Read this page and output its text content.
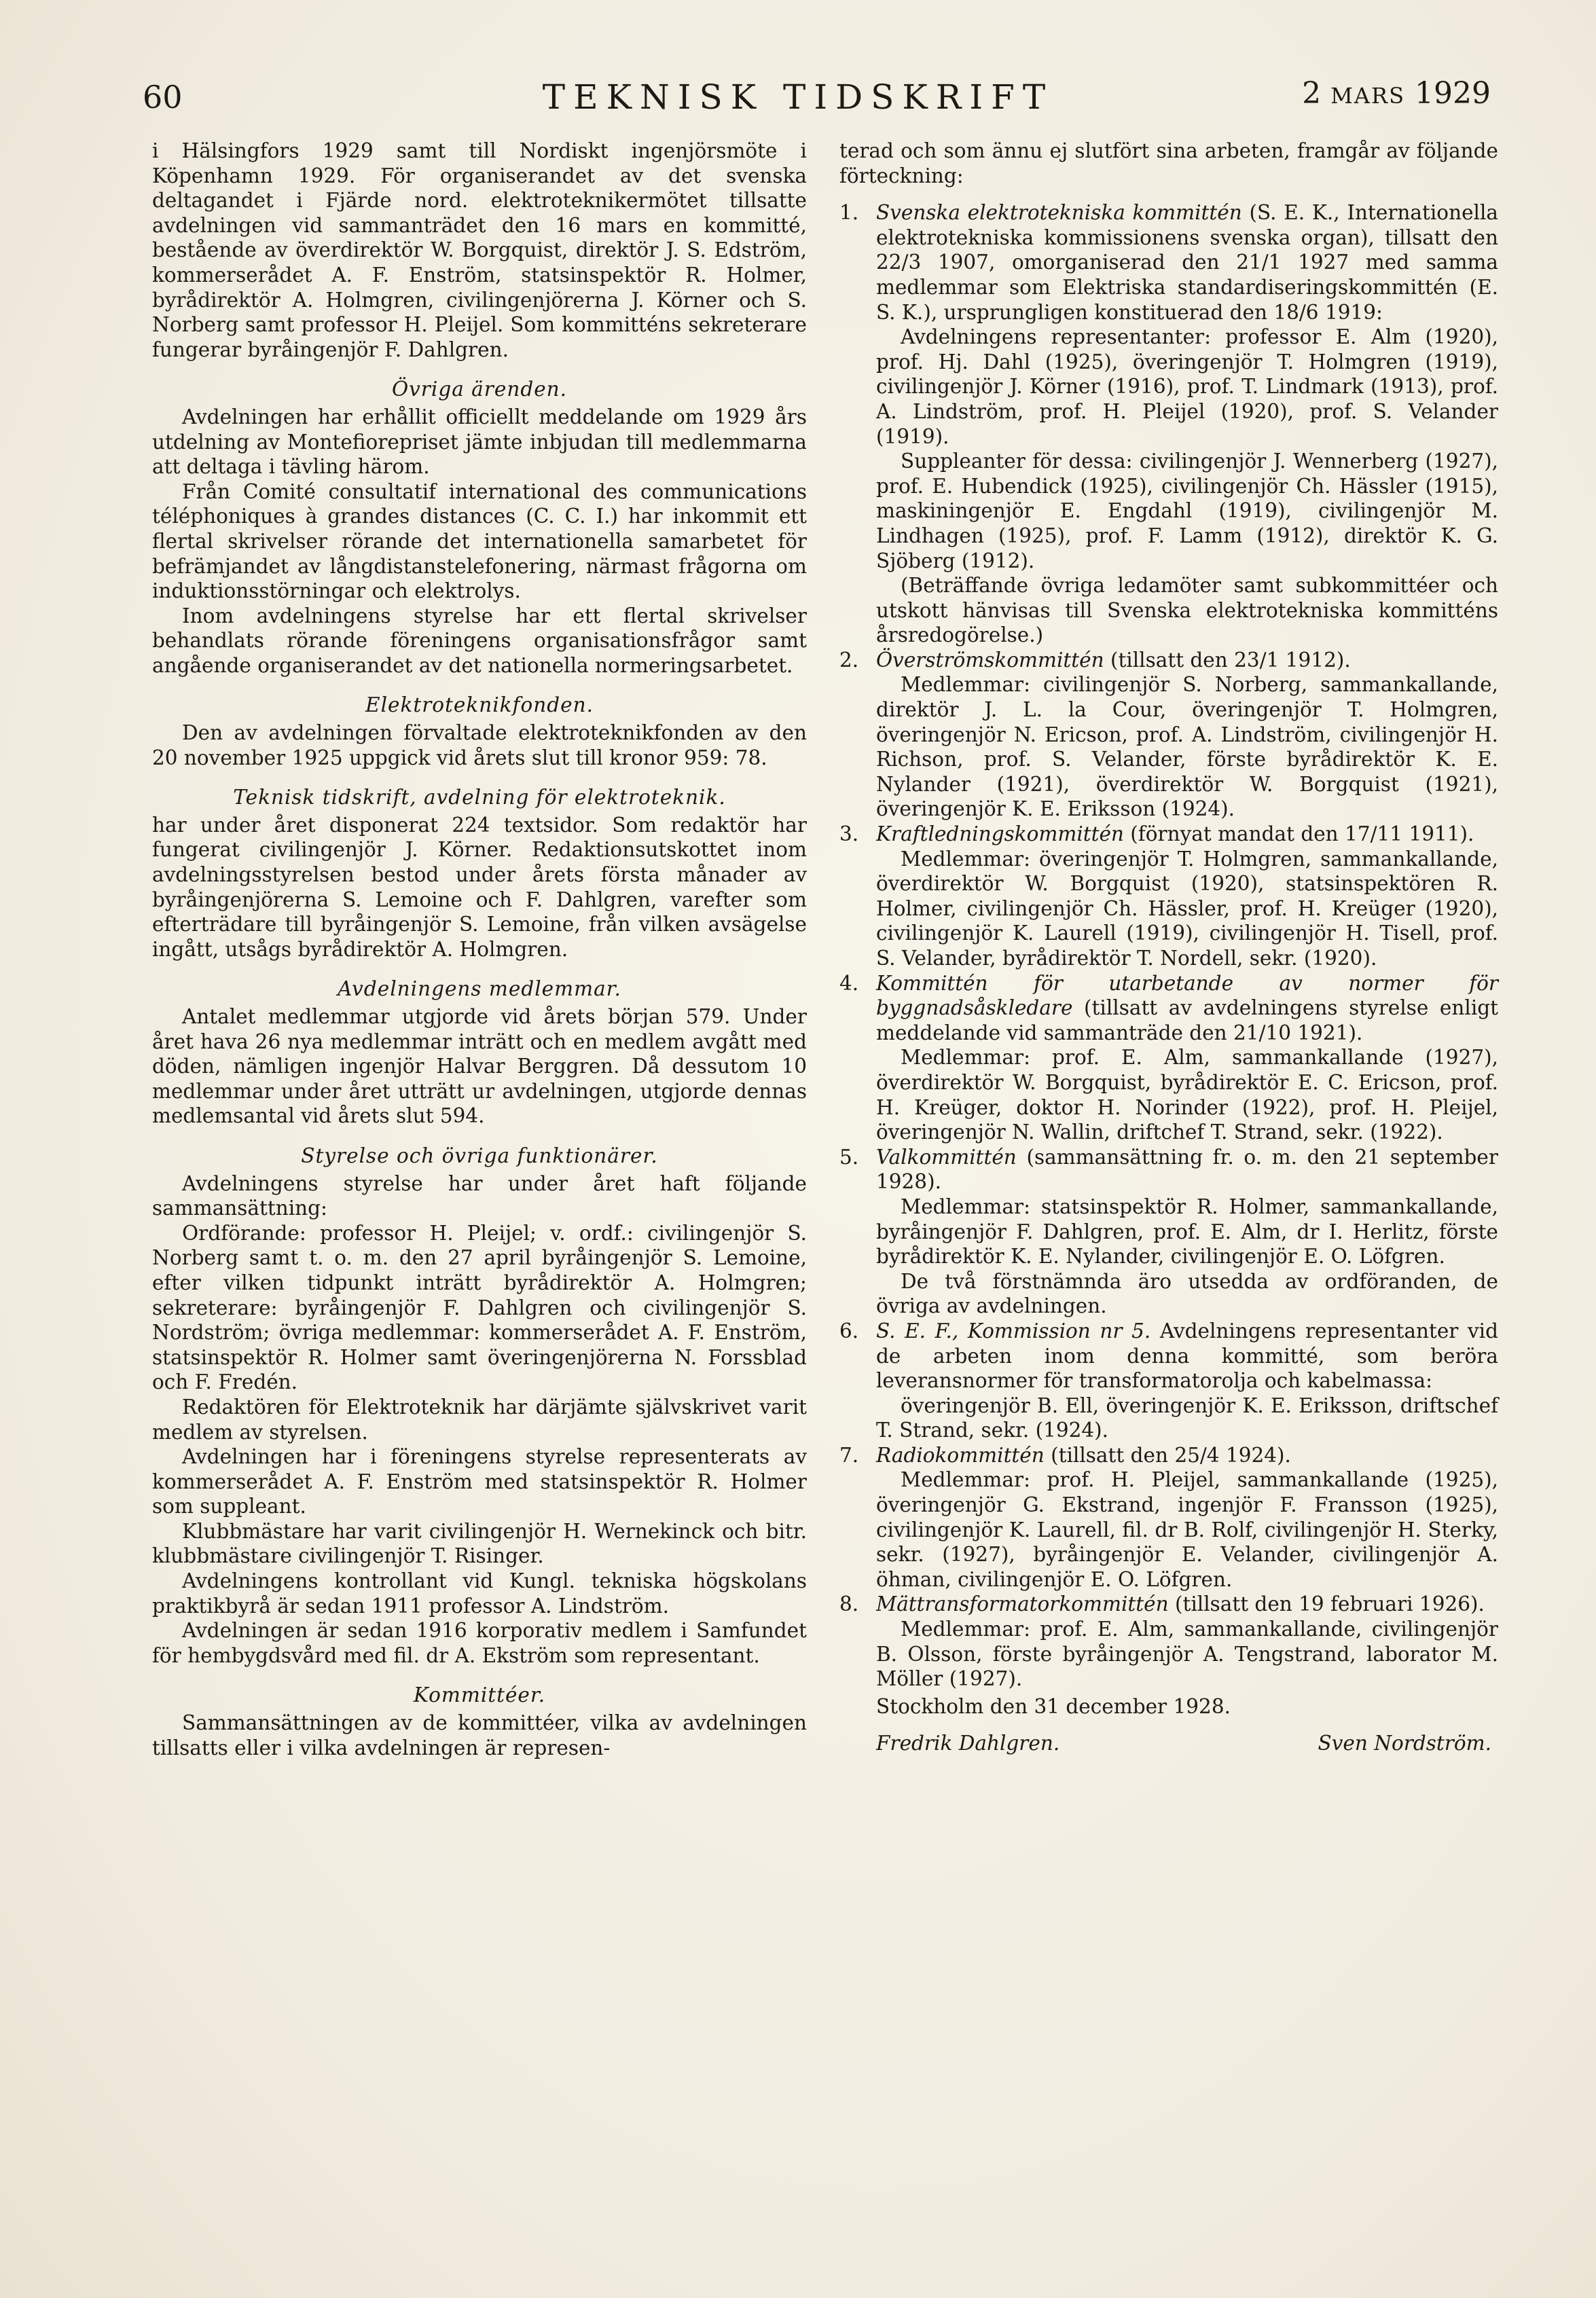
60	TEKNISK TIDSKRIFT	2 MARS 1929

i Hälsingfors 1929 samt till Nordiskt ingenjörsmöte i Köpenhamn 1929. För organiserandet av det svenska deltagandet i Fjärde nord. elektroteknikermötet tillsatte avdelningen vid sammanträdet den 16 mars en kommitté, bestående av överdirektör W. Borgquist, direktör J. S. Edström, kommerserådet A. F. Enström, statsinspektör R. Holmer, byrådirektör A. Holmgren, civilingenjörerna J. Körner och S. Norberg samt professor H. Pleijel. Som kommitténs sekreterare fungerar byråingenjör F. Dahlgren.

Övriga ärenden.

Avdelningen har erhållit officiellt meddelande om 1929 års utdelning av Montefiorepriset jämte inbjudan till medlemmarna att deltaga i tävling härom.

Från Comité consultatif international des communications téléphoniques à grandes distances (C. C. I.) har inkommit ett flertal skrivelser rörande det internationella samarbetet för befrämjandet av långdistanstelefonering, närmast frågorna om induktionsstörningar och elektrolys.

Inom avdelningens styrelse har ett flertal skrivelser behandlats rörande föreningens organisationsfrågor samt angående organiserandet av det nationella normeringsarbetet.

Elektroteknikfonden.

Den av avdelningen förvaltade elektroteknikfonden av den 20 november 1925 uppgick vid årets slut till kronor 959: 78.

Teknisk tidskrift, avdelning för elektroteknik.

har under året disponerat 224 textsidor. Som redaktör har fungerat civilingenjör J. Körner. Redaktionsutskottet inom avdelningsstyrelsen bestod under årets första månader av byråingenjörerna S. Lemoine och F. Dahlgren, varefter som efterträdare till byråingenjör S. Lemoine, från vilken avsägelse ingått, utsågs byrådirektör A. Holmgren.

Avdelningens medlemmar.

Antalet medlemmar utgjorde vid årets början 579. Under året hava 26 nya medlemmar inträtt och en medlem avgått med döden, nämligen ingenjör Halvar Berggren. Då dessutom 10 medlemmar under året utträtt ur avdelningen, utgjorde dennas medlemsantal vid årets slut 594.

Styrelse och övriga funktionärer.

Avdelningens styrelse har under året haft följande sammansättning:

Ordförande: professor H. Pleijel; v. ordf.: civilingenjör S. Norberg samt t. o. m. den 27 april byråingenjör S. Lemoine, efter vilken tidpunkt inträtt byrådirektör A. Holmgren; sekreterare: byråingenjör F. Dahlgren och civilingenjör S. Nordström; övriga medlemmar: kommerserådet A. F. Enström, statsinspektör R. Holmer samt överingenjörerna N. Forssblad och F. Fredén.

Redaktören för Elektroteknik har därjämte självskrivet varit medlem av styrelsen.

Avdelningen har i föreningens styrelse representerats av kommerserådet A. F. Enström med statsinspektör R. Holmer som suppleant.

Klubbmästare har varit civilingenjör H. Wernekinck och bitr. klubbmästare civilingenjör T. Risinger.

Avdelningens kontrollant vid Kungl. tekniska högskolans praktikbyrå är sedan 1911 professor A. Lindström.

Avdelningen är sedan 1916 korporativ medlem i Samfundet för hembygdsvård med fil. dr A. Ekström som representant.

Kommittéer.

Sammansättningen av de kommittéer, vilka av avdelningen tillsatts eller i vilka avdelningen är represen-

terad och som ännu ej slutfört sina arbeten, framgår av följande förteckning:

1. Svenska elektrotekniska kommittén (S. E. K., Internationella elektrotekniska kommissionens svenska organ), tillsatt den 22/3 1907, omorganiserad den 21/1 1927 med samma medlemmar som Elektriska standardiseringskommittén (E. S. K.), ursprungligen konstituerad den 18/6 1919:

Avdelningens representanter: professor E. Alm (1920), prof. Hj. Dahl (1925), överingenjör T. Holmgren (1919), civilingenjör J. Körner (1916), prof. T. Lindmark (1913), prof. A. Lindström, prof. H. Pleijel (1920), prof. S. Velander (1919).

Suppleanter för dessa: civilingenjör J. Wennerberg (1927), prof. E. Hubendick (1925), civilingenjör Ch. Hässler (1915), maskiningenjör E. Engdahl (1919), civilingenjör M. Lindhagen (1925), prof. F. Lamm (1912), direktör K. G. Sjöberg (1912).

(Beträffande övriga ledamöter samt subkommittéer och utskott hänvisas till Svenska elektrotekniska kommitténs årsredogörelse.)

2. Överströmskommittén (tillsatt den 23/1 1912).

Medlemmar: civilingenjör S. Norberg, sammankallande, direktör J. L. la Cour, överingenjör T. Holmgren, överingenjör N. Ericson, prof. A. Lindström, civilingenjör H. Richson, prof. S. Velander, förste byrådirektör K. E. Nylander (1921), överdirektör W. Borgquist (1921), överingenjör K. E. Eriksson (1924).

3. Kraftledningskommittén (förnyat mandat den 17/11 1911).

Medlemmar: överingenjör T. Holmgren, sammankallande, överdirektör W. Borgquist (1920), statsinspektören R. Holmer, civilingenjör Ch. Hässler, prof. H. Kreüger (1920), civilingenjör K. Laurell (1919), civilingenjör H. Tisell, prof. S. Velander, byrådirektör T. Nordell, sekr. (1920).

4. Kommittén för utarbetande av normer för byggnadsåskledare (tillsatt av avdelningens styrelse enligt meddelande vid sammanträde den 21/10 1921).

Medlemmar: prof. E. Alm, sammankallande (1927), överdirektör W. Borgquist, byrådirektör E. C. Ericson, prof. H. Kreüger, doktor H. Norinder (1922), prof. H. Pleijel, överingenjör N. Wallin, driftchef T. Strand, sekr. (1922).

5. Valkommittén (sammansättning fr. o. m. den 21 september 1928).

Medlemmar: statsinspektör R. Holmer, sammankallande, byråingenjör F. Dahlgren, prof. E. Alm, dr I. Herlitz, förste byrådirektör K. E. Nylander, civilingenjör E. O. Löfgren.

De två förstnämnda äro utsedda av ordföranden, de övriga av avdelningen.

6. S. E. F., Kommission nr 5. Avdelningens representanter vid de arbeten inom denna kommitté, som beröra leveransnormer för transformatorolja och kabelmassa:

överingenjör B. Ell, överingenjör K. E. Eriksson, driftschef T. Strand, sekr. (1924).

7. Radiokommittén (tillsatt den 25/4 1924).

Medlemmar: prof. H. Pleijel, sammankallande (1925), överingenjör G. Ekstrand, ingenjör F. Fransson (1925), civilingenjör K. Laurell, fil. dr B. Rolf, civilingenjör H. Sterky, sekr. (1927), byråingenjör E. Velander, civilingenjör A. öhman, civilingenjör E. O. Löfgren.

8. Mättransformatorkommittén (tillsatt den 19 februari 1926).

Medlemmar: prof. E. Alm, sammankallande, civilingenjör B. Olsson, förste byråingenjör A. Tengstrand, laborator M. Möller (1927).

Stockholm den 31 december 1928.

Fredrik Dahlgren.	Sven Nordström.
